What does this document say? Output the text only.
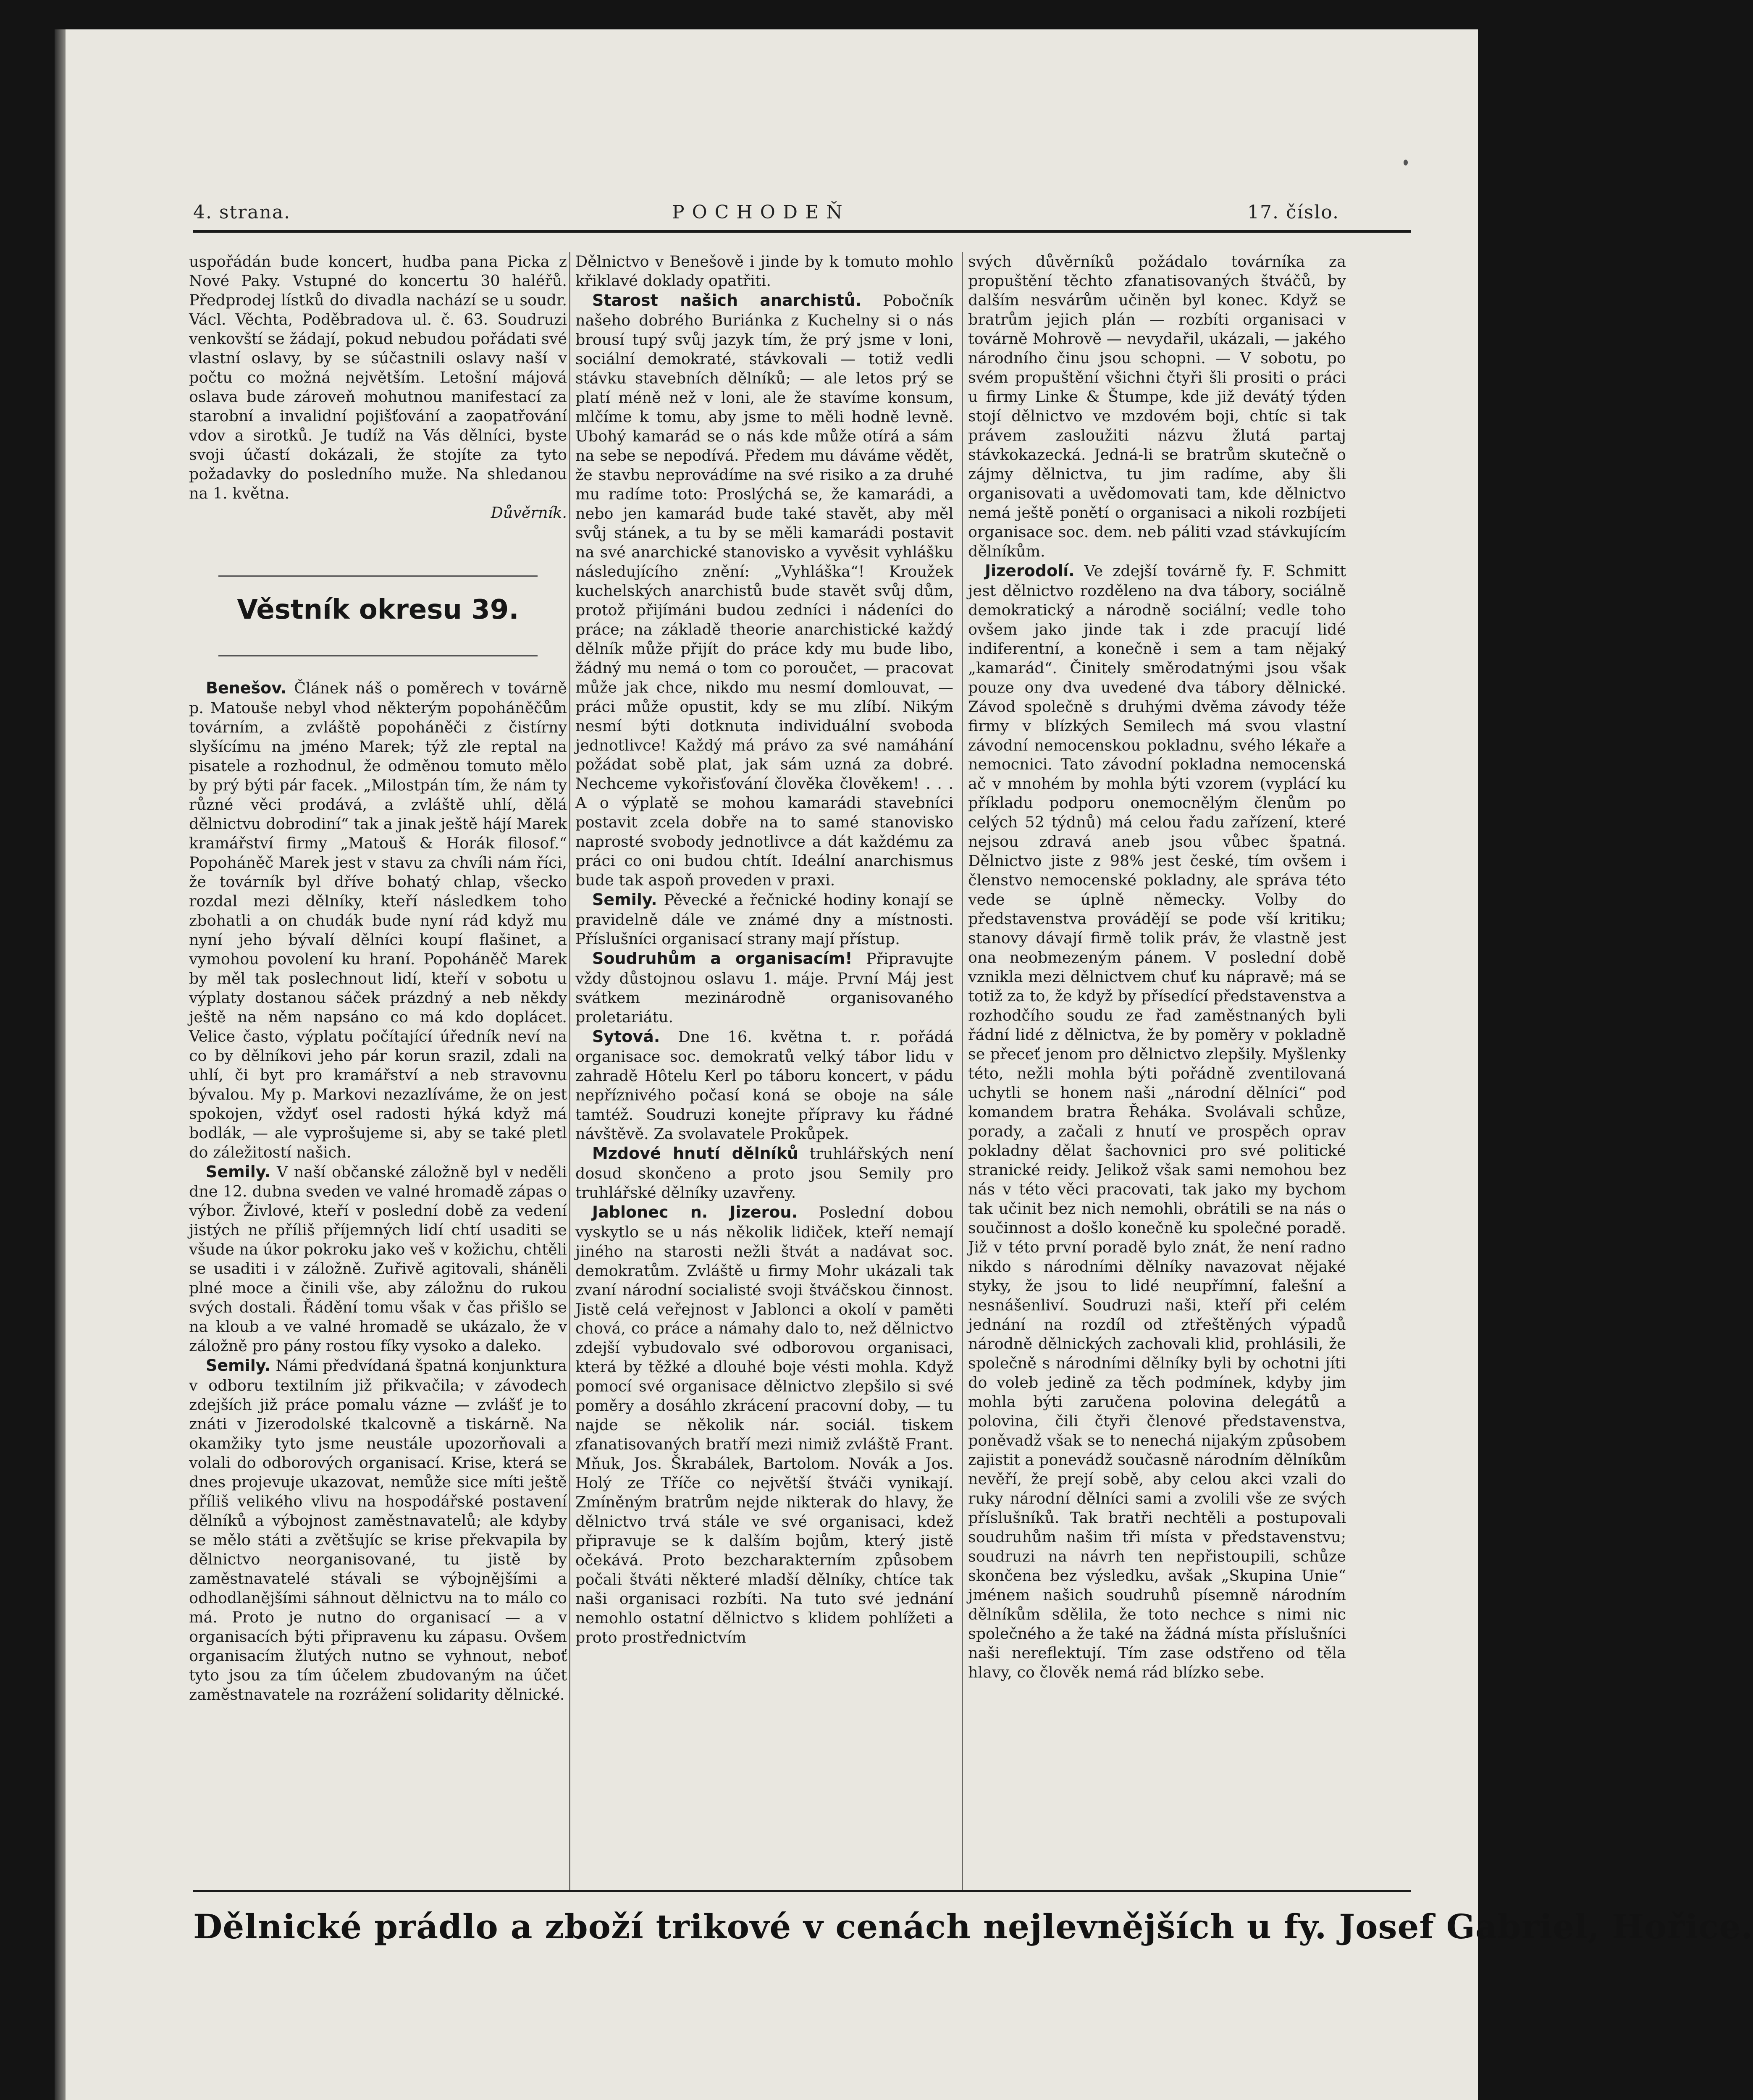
4. strana.	POCHODEŇ	17. číslo.

uspořádán bude koncert, hudba pana Picka z Nové Paky. Vstupné do koncertu 30 haléřů. Předprodej lístků do divadla nachází se u soudr. Václ. Věchta, Poděbradova ul. č. 63. Soudruzi venkovští se žádají, pokud nebudou pořádati své vlastní oslavy, by se súčastnili oslavy naší v počtu co možná největším. Letošní májová oslava bude zároveň mohutnou manifestací za starobní a invalidní pojišťování a zaopatřování vdov a sirotků. Je tudíž na Vás dělníci, byste svoji účastí dokázali, že stojíte za tyto požadavky do posledního muže. Na shledanou na 1. května.

Důvěrník.

Věstník okresu 39.

Benešov. Článek náš o poměrech v továrně p. Matouše nebyl vhod některým popoháněčům továrním, a zvláště popoháněči z čistírny slyšícímu na jméno Marek; týž zle reptal na pisatele a rozhodnul, že odměnou tomuto mělo by prý býti pár facek. „Milostpán tím, že nám ty různé věci prodává, a zvláště uhlí, dělá dělnictvu dobrodiní“ tak a jinak ještě hájí Marek kramářství firmy „Matouš & Horák filosof.“ Popoháněč Marek jest v stavu za chvíli nám říci, že továrník byl dříve bohatý chlap, všecko rozdal mezi dělníky, kteří následkem toho zbohatli a on chudák bude nyní rád když mu nyní jeho bývalí dělníci koupí flašinet, a vymohou povolení ku hraní. Popoháněč Marek by měl tak poslechnout lidí, kteří v sobotu u výplaty dostanou sáček prázdný a neb někdy ještě na něm napsáno co má kdo doplácet. Velice často, výplatu počítající úředník neví na co by dělníkovi jeho pár korun srazil, zdali na uhlí, či byt pro kramářství a neb stravovnu bývalou. My p. Markovi nezazlíváme, že on jest spokojen, vždyť osel radosti hýká když má bodlák, — ale vyprošujeme si, aby se také pletl do záležitostí našich.

Semily. V naší občanské záložně byl v neděli dne 12. dubna sveden ve valné hromadě zápas o výbor. Živlové, kteří v poslední době za vedení jistých ne příliš příjemných lidí chtí usaditi se všude na úkor pokroku jako veš v kožichu, chtěli se usaditi i v záložně. Zuřivě agitovali, sháněli plné moce a činili vše, aby záložnu do rukou svých dostali. Řádění tomu však v čas přišlo se na kloub a ve valné hromadě se ukázalo, že v záložně pro pány rostou fíky vysoko a daleko.

Semily. Námi předvídaná špatná konjunktura v odboru textilním již přikvačila; v závodech zdejších již práce pomalu vázne — zvlášť je to znáti v Jizerodolské tkalcovně a tiskárně. Na okamžiky tyto jsme neustále upozorňovali a volali do odborových organisací. Krise, která se dnes projevuje ukazovat, nemůže sice míti ještě příliš velikého vlivu na hospodářské postavení dělníků a výbojnost zaměstnavatelů; ale kdyby se mělo státi a zvětšujíc se krise překvapila by dělnictvo neorganisované, tu jistě by zaměstnavatelé stávali se výbojnějšími a odhodlanějšími sáhnout dělnictvu na to málo co má. Proto je nutno do organisací — a v organisacích býti připravenu ku zápasu. Ovšem organisacím žlutých nutno se vyhnout, neboť tyto jsou za tím účelem zbudovaným na účet zaměstnavatele na rozrážení solidarity dělnické.

Dělnictvo v Benešově i jinde by k tomuto mohlo křiklavé doklady opatřiti.

Starost našich anarchistů. Pobočník našeho dobrého Buriánka z Kuchelny si o nás brousí tupý svůj jazyk tím, že prý jsme v loni, sociální demokraté, stávkovali — totiž vedli stávku stavebních dělníků; — ale letos prý se platí méně než v loni, ale že stavíme konsum, mlčíme k tomu, aby jsme to měli hodně levně. Ubohý kamarád se o nás kde může otírá a sám na sebe se nepodívá. Předem mu dáváme vědět, že stavbu neprovádíme na své risiko a za druhé mu radíme toto: Proslýchá se, že kamarádi, a nebo jen kamarád bude také stavět, aby měl svůj stánek, a tu by se měli kamarádi postavit na své anarchické stanovisko a vyvěsit vyhlášku následujícího znění: „Vyhláška“! Kroužek kuchelských anarchistů bude stavět svůj dům, protož přijímáni budou zedníci i nádeníci do práce; na základě theorie anarchistické každý dělník může přijít do práce kdy mu bude libo, žádný mu nemá o tom co poroučet, — pracovat může jak chce, nikdo mu nesmí domlouvat, — práci může opustit, kdy se mu zlíbí. Nikým nesmí býti dotknuta individuální svoboda jednotlivce! Každý má právo za své namáhání požádat sobě plat, jak sám uzná za dobré. Nechceme vykořisťování člověka člověkem! . . . A o výplatě se mohou kamarádi stavebníci postavit zcela dobře na to samé stanovisko naprosté svobody jednotlivce a dát každému za práci co oni budou chtít. Ideální anarchismus bude tak aspoň proveden v praxi.

Semily. Pěvecké a řečnické hodiny konají se pravidelně dále ve známé dny a místnosti. Příslušníci organisací strany mají přístup.

Soudruhům a organisacím! Připravujte vždy důstojnou oslavu 1. máje. První Máj jest svátkem mezinárodně organisovaného proletariátu.

Sytová. Dne 16. května t. r. pořádá organisace soc. demokratů velký tábor lidu v zahradě Hôtelu Kerl po táboru koncert, v pádu nepříznivého počasí koná se oboje na sále tamtéž. Soudruzi konejte přípravy ku řádné návštěvě. Za svolavatele Prokůpek.

Mzdové hnutí dělníků truhlářských není dosud skončeno a proto jsou Semily pro truhlářské dělníky uzavřeny.

Jablonec n. Jizerou. Poslední dobou vyskytlo se u nás několik lidiček, kteří nemají jiného na starosti nežli štvát a nadávat soc. demokratům. Zvláště u firmy Mohr ukázali tak zvaní národní socialisté svoji štváčskou činnost. Jistě celá veřejnost v Jablonci a okolí v paměti chová, co práce a námahy dalo to, než dělnictvo zdejší vybudovalo své odborovou organisaci, která by těžké a dlouhé boje vésti mohla. Když pomocí své organisace dělnictvo zlepšilo si své poměry a dosáhlo zkrácení pracovní doby, — tu najde se několik nár. sociál. tiskem zfanatisovaných bratří mezi nimiž zvláště Frant. Mňuk, Jos. Škrabálek, Bartolom. Novák a Jos. Holý ze Tříče co největší štváči vynikají. Zmíněným bratrům nejde nikterak do hlavy, že dělnictvo trvá stále ve své organisaci, kdež připravuje se k dalším bojům, který jistě očekává. Proto bezcharakterním způsobem počali štváti některé mladší dělníky, chtíce tak naši organisaci rozbíti. Na tuto své jednání nemohlo ostatní dělnictvo s klidem pohlížeti a proto prostřednictvím

svých důvěrníků požádalo továrníka za propuštění těchto zfanatisovaných štváčů, by dalším nesvárům učiněn byl konec. Když se bratrům jejich plán — rozbíti organisaci v továrně Mohrově — nevydařil, ukázali, — jakého národního činu jsou schopni. — V sobotu, po svém propuštění všichni čtyři šli prositi o práci u firmy Linke & Štumpe, kde již devátý týden stojí dělnictvo ve mzdovém boji, chtíc si tak právem zasloužiti názvu žlutá partaj stávkokazecká. Jedná-li se bratrům skutečně o zájmy dělnictva, tu jim radíme, aby šli organisovati a uvědomovati tam, kde dělnictvo nemá ještě ponětí o organisaci a nikoli rozbíjeti organisace soc. dem. neb páliti vzad stávkujícím dělníkům.

Jizerodolí. Ve zdejší továrně fy. F. Schmitt jest dělnictvo rozděleno na dva tábory, sociálně demokratický a národně sociální; vedle toho ovšem jako jinde tak i zde pracují lidé indiferentní, a konečně i sem a tam nějaký „kamarád“. Činitely směrodatnými jsou však pouze ony dva uvedené dva tábory dělnické. Závod společně s druhými dvěma závody téže firmy v blízkých Semilech má svou vlastní závodní nemocenskou pokladnu, svého lékaře a nemocnici. Tato závodní pokladna nemocenská ač v mnohém by mohla býti vzorem (vyplácí ku příkladu podporu onemocnělým členům po celých 52 týdnů) má celou řadu zařízení, které nejsou zdravá aneb jsou vůbec špatná. Dělnictvo jiste z 98% jest české, tím ovšem i členstvo nemocenské pokladny, ale správa této vede se úplně německy. Volby do představenstva provádějí se pode vší kritiku; stanovy dávají firmě tolik práv, že vlastně jest ona neobmezeným pánem. V poslední době vznikla mezi dělnictvem chuť ku nápravě; má se totiž za to, že když by přísedící představenstva a rozhodčího soudu ze řad zaměstnaných byli řádní lidé z dělnictva, že by poměry v pokladně se přeceť jenom pro dělnictvo zlepšily. Myšlenky této, nežli mohla býti pořádně zventilovaná uchytli se honem naši „národní dělníci“ pod komandem bratra Řeháka. Svolávali schůze, porady, a začali z hnutí ve prospěch oprav pokladny dělat šachovnici pro své politické stranické reidy. Jelikož však sami nemohou bez nás v této věci pracovati, tak jako my bychom tak učinit bez nich nemohli, obrátili se na nás o součinnost a došlo konečně ku společné poradě. Již v této první poradě bylo znát, že není radno nikdo s národními dělníky navazovat nějaké styky, že jsou to lidé neupřímní, falešní a nesnášenliví. Soudruzi naši, kteří při celém jednání na rozdíl od ztřeštěných výpadů národně dělnických zachovali klid, prohlásili, že společně s národními dělníky byli by ochotni jíti do voleb jedině za těch podmínek, kdyby jim mohla býti zaručena polovina delegátů a polovina, čili čtyři členové představenstva, poněvadž však se to nenechá nijakým způsobem zajistit a ponevádž současně národním dělníkům nevěří, že prejí sobě, aby celou akci vzali do ruky národní dělníci sami a zvolili vše ze svých příslušníků. Tak bratři nechtěli a postupovali soudruhům našim tři místa v představenstvu; soudruzi na návrh ten nepřistoupili, schůze skončena bez výsledku, avšak „Skupina Unie“ jménem našich soudruhů písemně národním dělníkům sdělila, že toto nechce s nimi nic společného a že také na žádná místa příslušníci naši nereflektují. Tím zase odstřeno od těla hlavy, co člověk nemá rád blízko sebe.

Dělnické prádlo a zboží trikové v cenách nejlevnějších u fy. Josef Gabriel, Hořice.
